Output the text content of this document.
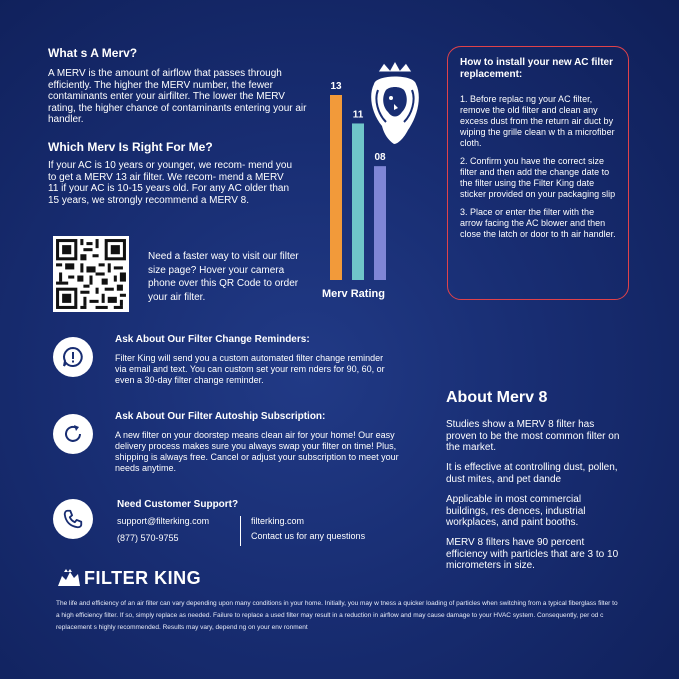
What s A Merv?
A MERV is the amount of airflow that passes through efficiently. The higher the MERV number, the fewer contaminants enter your airfilter. The lower the MERV rating, the higher chance of contaminants entering your air handler.
Which Merv Is Right For Me?
If your AC is 10 years or younger, we recom- mend you to get a MERV 13 air filter. We recom- mend a MERV 11 if your AC is 10-15 years old. For any AC older than 15 years, we strongly recommend a MERV 8.
Need a faster way to visit our filter size page? Hover your camera phone over this QR Code to order your air filter.
13
11
08
Merv Rating
How to install your new AC filter replacement:
1. Before replac ng your AC filter, remove the old filter and clean any excess dust from the return air duct by wiping the grille clean w th a microfiber cloth.
2. Confirm you have the correct size filter and then add the change date to the filter using the Filter King date sticker provided on your packaging slip
3. Place or enter the filter with the arrow facing the AC blower and then close the latch or door to th air handler.
Ask About Our Filter Change Reminders:
Filter King will send you a custom automated filter change reminder via email and text. You can custom set your rem nders for 90, 60, or even a 30-day filter change reminder.
Ask About Our Filter Autoship Subscription:
A new filter on your doorstep means clean air for your home! Our easy delivery process makes sure you always swap your filter on time! Plus, shipping is always free. Cancel or adjust your subscription to meet your needs anytime.
Need Customer Support?
support@filterking.com
(877) 570-9755
filterking.com
Contact us for any questions
About Merv 8
Studies show a MERV 8 filter has proven to be the most common filter on the market.
It is effective at controlling dust, pollen, dust mites, and pet dande
Applicable in most commercial buildings, res dences, industrial workplaces, and paint booths.
MERV 8 filters have 90 percent efficiency with particles that are 3 to 10 micrometers in size.
FILTER KING
The life and efficiency of an air filter can vary depending upon many conditions in your home. Initially, you may w tness a quicker loading of particles when switching from a typical fiberglass filter to a high efficiency filter. If so, simply replace as needed. Failure to replace a used filter may result in a reduction in airflow and may cause damage to your HVAC system. Consequently, per od c replacement s highly recommended. Results may vary, depend ng on your env ronment
